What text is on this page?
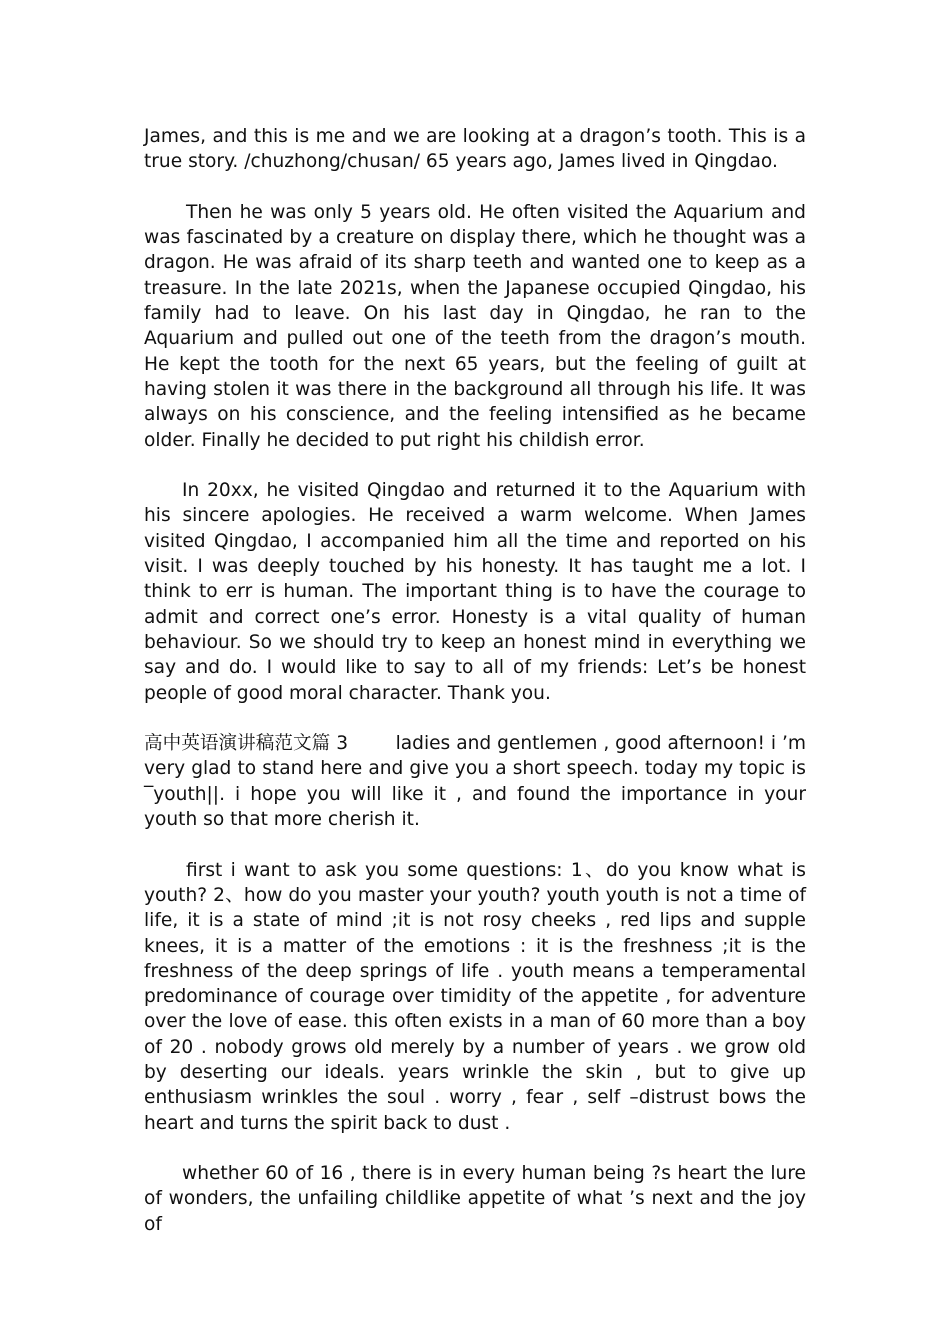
James, and this is me and we are looking at a dragon’s tooth. This is a true story. /chuzhong/chusan/ 65 years ago, James lived in Qingdao.

Then he was only 5 years old. He often visited the Aquarium and was fascinated by a creature on display there, which he thought was a dragon. He was afraid of its sharp teeth and wanted one to keep as a treasure. In the late 2021s, when the Japanese occupied Qingdao, his family had to leave. On his last day in Qingdao, he ran to the Aquarium and pulled out one of the teeth from the dragon’s mouth. He kept the tooth for the next 65 years, but the feeling of guilt at having stolen it was there in the background all through his life. It was always on his conscience, and the feeling intensified as he became older. Finally he decided to put right his childish error.

In 20xx, he visited Qingdao and returned it to the Aquarium with his sincere apologies. He received a warm welcome. When James visited Qingdao, I accompanied him all the time and reported on his visit. I was deeply touched by his honesty. It has taught me a lot. I think to err is human. The important thing is to have the courage to admit and correct one’s error. Honesty is a vital quality of human behaviour. So we should try to keep an honest mind in everything we say and do. I would like to say to all of my friends: Let’s be honest people of good moral character. Thank you.

高中英语演讲稿范文篇 3	ladies and gentlemen , good afternoon! i ’m very glad to stand here and give you a short speech. today my topic is ‾youth||. i hope you will like it , and found the importance in your youth so that more cherish it.

first i want to ask you some questions: 1、do you know what is youth? 2、how do you master your youth? youth youth is not a time of life, it is a state of mind ;it is not rosy cheeks , red lips and supple knees, it is a matter of the emotions : it is the freshness ;it is the freshness of the deep springs of life . youth means a temperamental predominance of courage over timidity of the appetite , for adventure over the love of ease. this often exists in a man of 60 more than a boy of 20 . nobody grows old merely by a number of years . we grow old by deserting our ideals. years wrinkle the skin , but to give up enthusiasm wrinkles the soul . worry , fear , self –distrust bows the heart and turns the spirit back to dust .

whether 60 of 16 , there is in every human being ?s heart the lure of wonders, the unfailing childlike appetite of what ’s next and the joy of
